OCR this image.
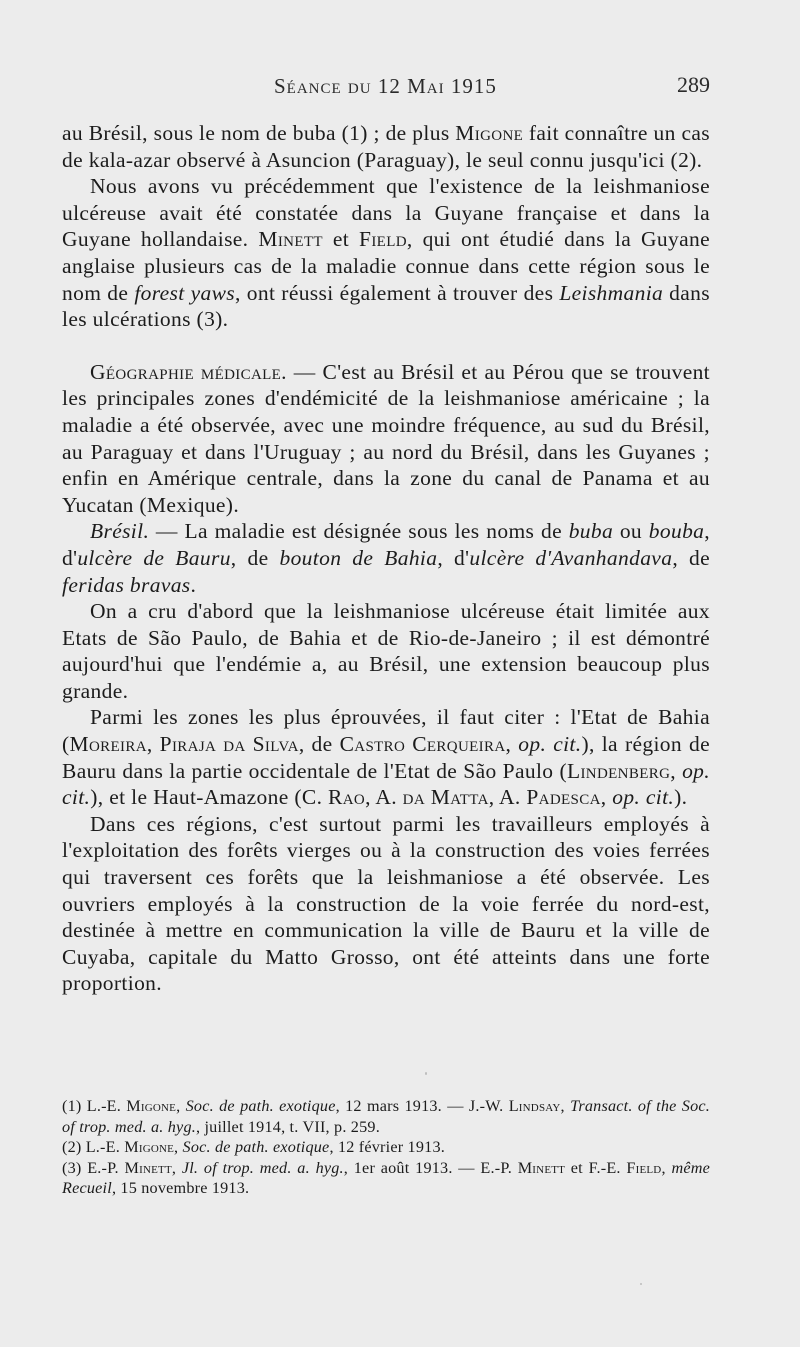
Séance du 12 Mai 1915	289

au Brésil, sous le nom de buba (1) ; de plus Migone fait connaître un cas de kala-azar observé à Asuncion (Paraguay), le seul connu jusqu'ici (2).

Nous avons vu précédemment que l'existence de la leishmaniose ulcéreuse avait été constatée dans la Guyane française et dans la Guyane hollandaise. Minett et Field, qui ont étudié dans la Guyane anglaise plusieurs cas de la maladie connue dans cette région sous le nom de forest yaws, ont réussi également à trouver des Leishmania dans les ulcérations (3).

Géographie médicale. — C'est au Brésil et au Pérou que se trouvent les principales zones d'endémicité de la leishmaniose américaine ; la maladie a été observée, avec une moindre fréquence, au sud du Brésil, au Paraguay et dans l'Uruguay ; au nord du Brésil, dans les Guyanes ; enfin en Amérique centrale, dans la zone du canal de Panama et au Yucatan (Mexique).

Brésil. — La maladie est désignée sous les noms de buba ou bouba, d'ulcère de Bauru, de bouton de Bahia, d'ulcère d'Avanhandava, de feridas bravas.

On a cru d'abord que la leishmaniose ulcéreuse était limitée aux Etats de São Paulo, de Bahia et de Rio-de-Janeiro ; il est démontré aujourd'hui que l'endémie a, au Brésil, une extension beaucoup plus grande.

Parmi les zones les plus éprouvées, il faut citer : l'Etat de Bahia (Moreira, Piraja da Silva, de Castro Cerqueira, op. cit.), la région de Bauru dans la partie occidentale de l'Etat de São Paulo (Lindenberg, op. cit.), et le Haut-Amazone (C. Rao, A. da Matta, A. Padesca, op. cit.).

Dans ces régions, c'est surtout parmi les travailleurs employés à l'exploitation des forêts vierges ou à la construction des voies ferrées qui traversent ces forêts que la leishmaniose a été observée. Les ouvriers employés à la construction de la voie ferrée du nord-est, destinée à mettre en communication la ville de Bauru et la ville de Cuyaba, capitale du Matto Grosso, ont été atteints dans une forte proportion.

(1) L.-E. Migone, Soc. de path. exotique, 12 mars 1913. — J.-W. Lindsay, Transact. of the Soc. of trop. med. a. hyg., juillet 1914, t. VII, p. 259.

(2) L.-E. Migone, Soc. de path. exotique, 12 février 1913.

(3) E.-P. Minett, Jl. of trop. med. a. hyg., 1er août 1913. — E.-P. Minett et F.-E. Field, même Recueil, 15 novembre 1913.
